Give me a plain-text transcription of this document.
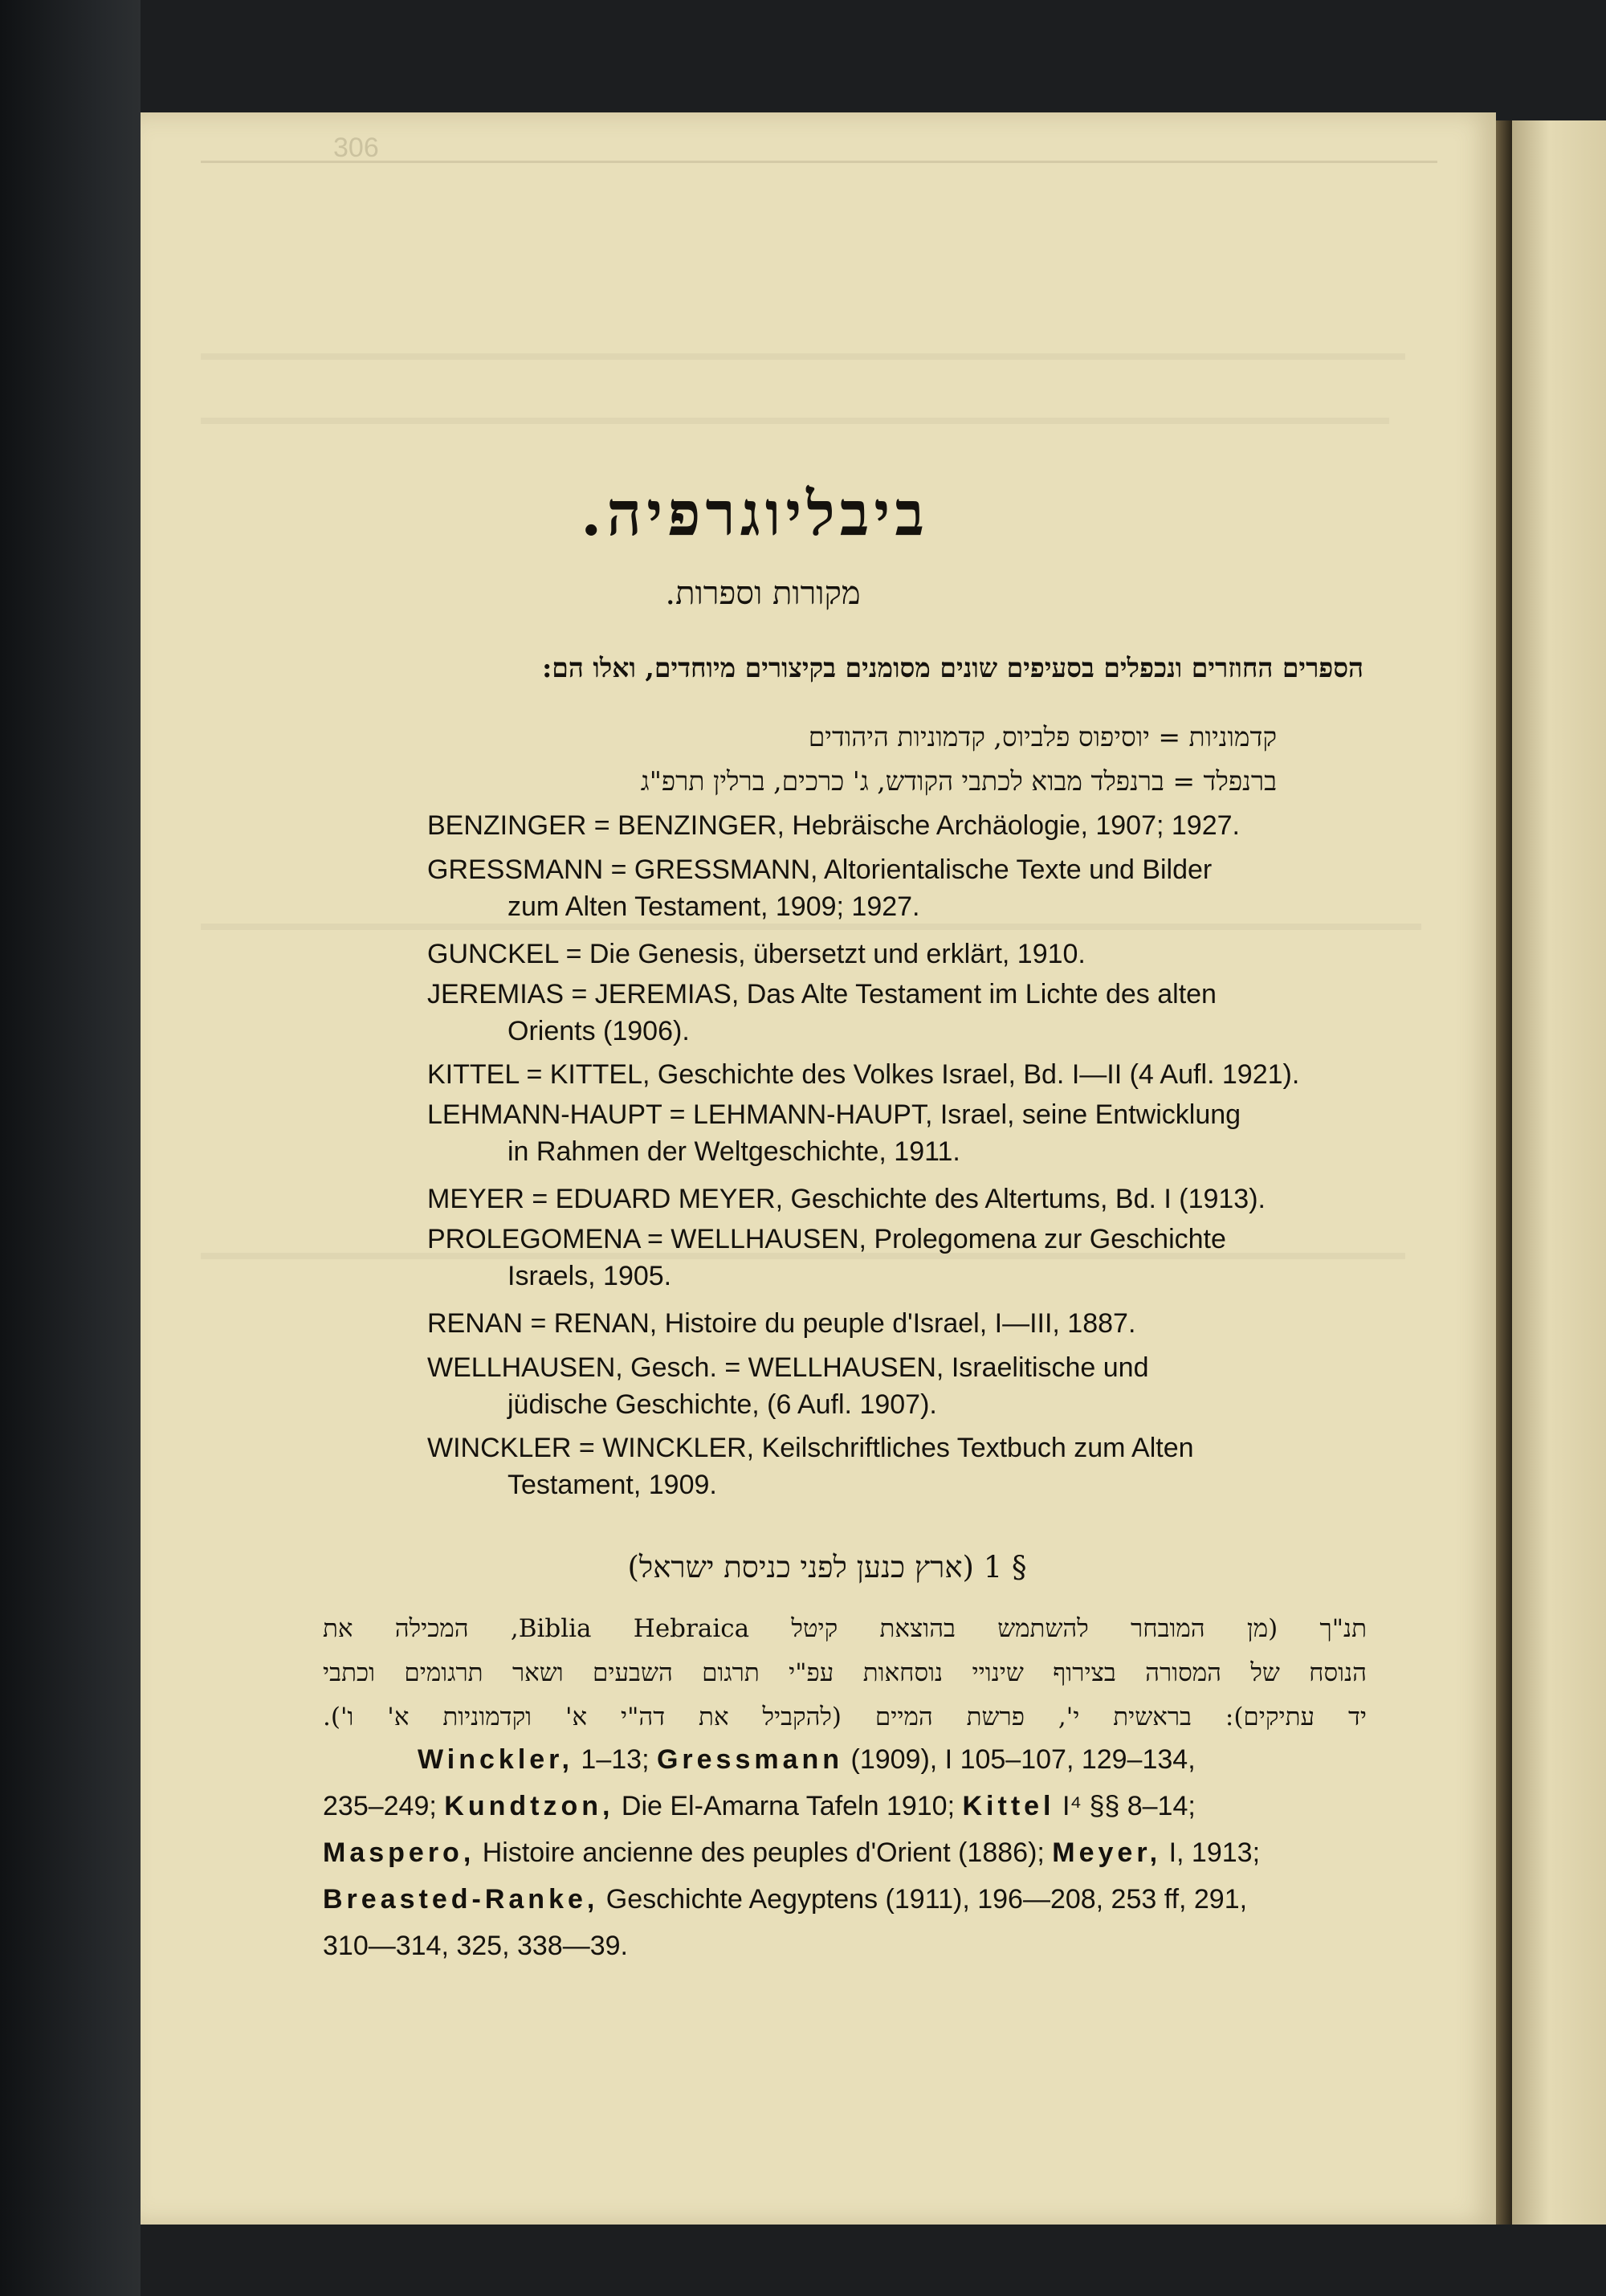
306
ביבליוגרפיה.
מקורות וספרות.
הספרים החוזרים ונכפלים בסעיפים שונים מסומנים בקיצורים מיוחדים, ואלו הם:
קדמוניות = יוסיפוס פלביוס, קדמוניות היהודים
ברנפלד = ברנפלד מבוא לכתבי הקודש, ג' כרכים, ברלין תרפ"ג
BENZINGER = BENZINGER, Hebräische Archäologie, 1907; 1927.
GRESSMANN = GRESSMANN, Altorientalische Texte und Bilder
zum Alten Testament, 1909; 1927.
GUNCKEL = Die Genesis, übersetzt und erklärt, 1910.
JEREMIAS = JEREMIAS, Das Alte Testament im Lichte des alten
Orients (1906).
KITTEL = KITTEL, Geschichte des Volkes Israel, Bd. I—II (4 Aufl. 1921).
LEHMANN-HAUPT = LEHMANN-HAUPT, Israel, seine Entwicklung
in Rahmen der Weltgeschichte, 1911.
MEYER = EDUARD MEYER, Geschichte des Altertums, Bd. I (1913).
PROLEGOMENA = WELLHAUSEN, Prolegomena zur Geschichte
Israels, 1905.
RENAN = RENAN, Histoire du peuple d'Israel, I—III, 1887.
WELLHAUSEN, Gesch. = WELLHAUSEN, Israelitische und
jüdische Geschichte, (6 Aufl. 1907).
WINCKLER = WINCKLER, Keilschriftliches Textbuch zum Alten
Testament, 1909.
§ 1 (ארץ כנען לפני כניסת ישראל)
תנ"ך (מן המובחר להשתמש בהוצאת קיטל Biblia Hebraica, המכילה את
הנוסח של המסורה בצירוף שינויי נוסחאות עפ"י תרגום השבעים ושאר תרגומים וכתבי
יד עתיקים): בראשית י', פרשת המיים (להקביל את דה"י א' וקדמוניות א' ו').
Winckler, 1–13; Gressmann (1909), I 105–107, 129–134,
235–249; Kundtzon, Die El-Amarna Tafeln 1910; Kittel I⁴ §§ 8–14;
Maspero, Histoire ancienne des peuples d'Orient (1886); Meyer, I, 1913;
Breasted-Ranke, Geschichte Aegyptens (1911), 196—208, 253 ff, 291,
310—314, 325, 338—39.
